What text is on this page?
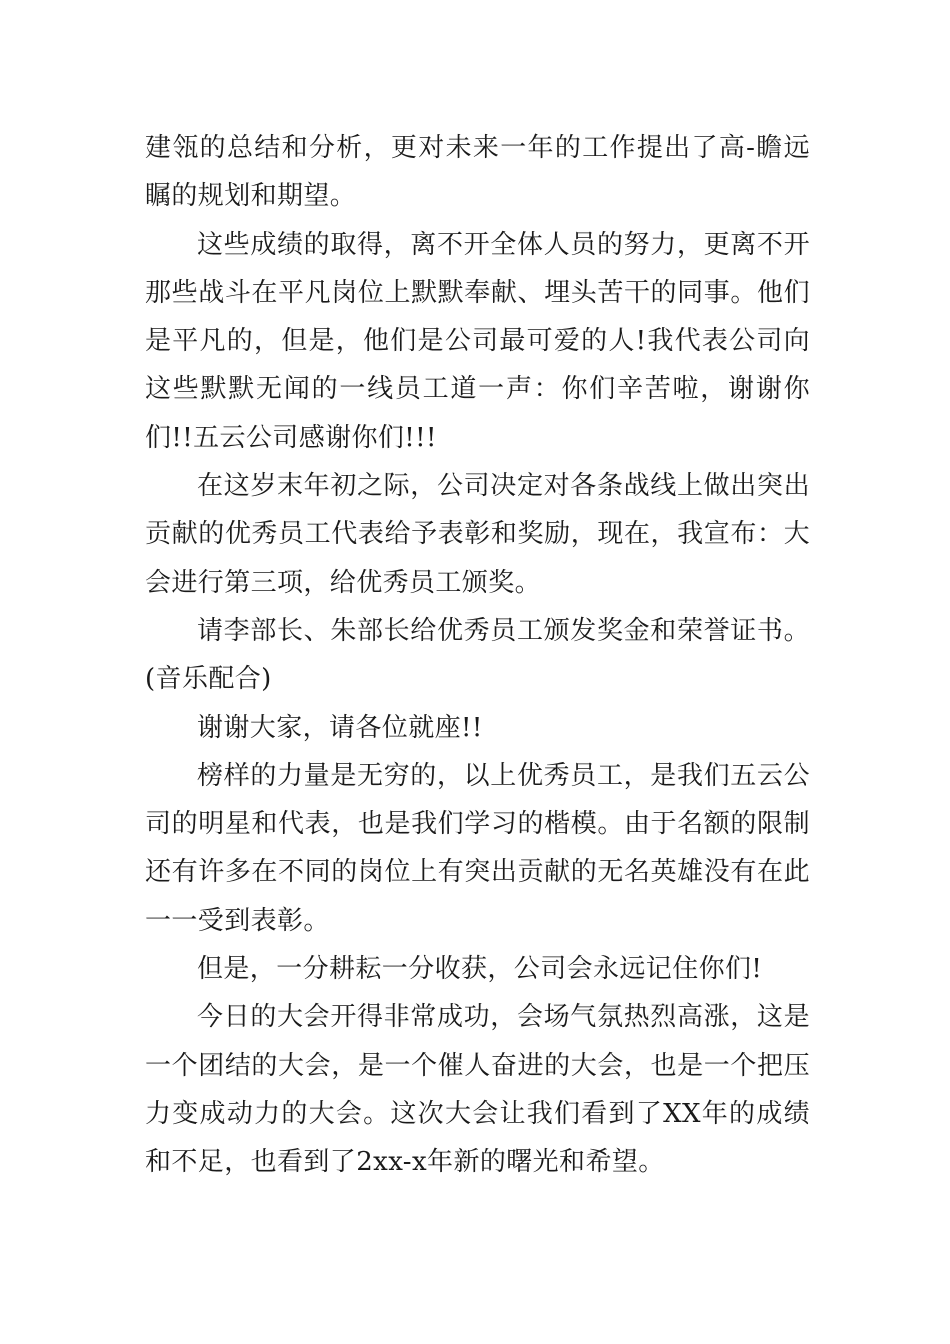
建瓴的总结和分析，更对未来一年的工作提出了高-瞻远瞩的规划和期望。

这些成绩的取得，离不开全体人员的努力，更离不开那些战斗在平凡岗位上默默奉献、埋头苦干的同事。他们是平凡的，但是，他们是公司最可爱的人!我代表公司向这些默默无闻的一线员工道一声：你们辛苦啦，谢谢你们!!五云公司感谢你们!!!

在这岁末年初之际，公司决定对各条战线上做出突出贡献的优秀员工代表给予表彰和奖励，现在，我宣布：大会进行第三项，给优秀员工颁奖。

请李部长、朱部长给优秀员工颁发奖金和荣誉证书。(音乐配合)

谢谢大家，请各位就座!!

榜样的力量是无穷的，以上优秀员工，是我们五云公司的明星和代表，也是我们学习的楷模。由于名额的限制还有许多在不同的岗位上有突出贡献的无名英雄没有在此一一受到表彰。

但是，一分耕耘一分收获，公司会永远记住你们!

今日的大会开得非常成功，会场气氛热烈高涨，这是一个团结的大会，是一个催人奋进的大会，也是一个把压力变成动力的大会。这次大会让我们看到了XX年的成绩和不足，也看到了2xx-x年新的曙光和希望。
